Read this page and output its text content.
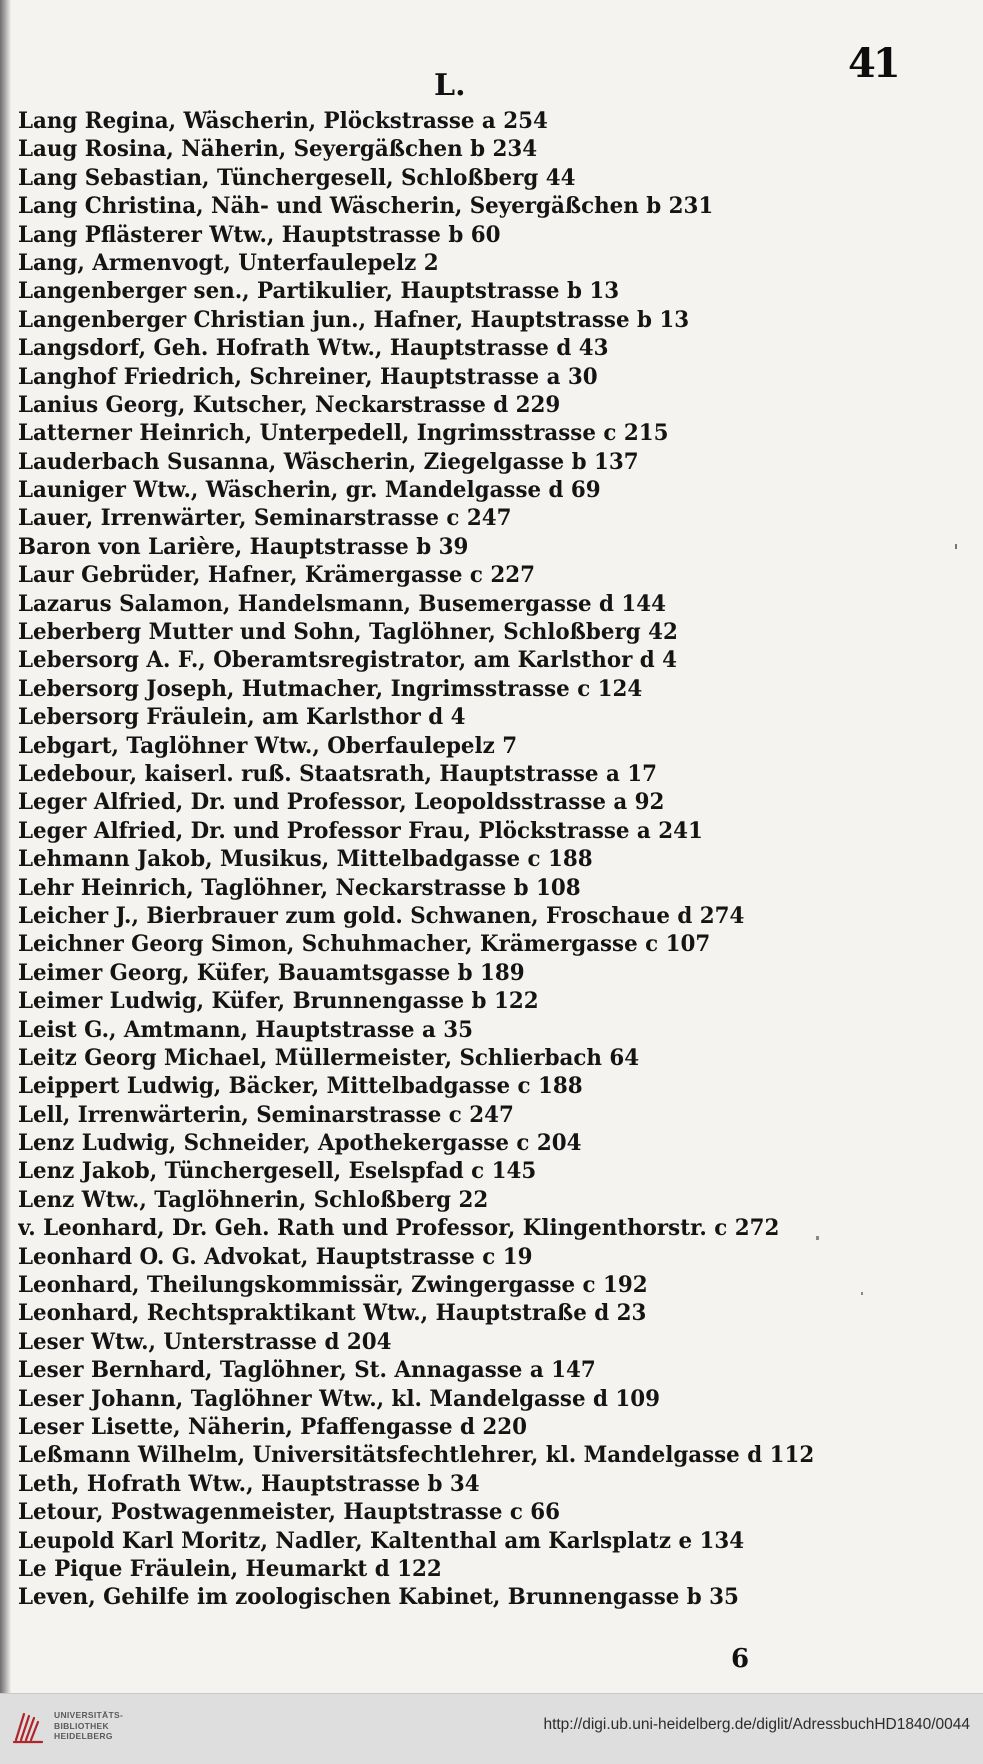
41
L.
Lang Regina, Wäscherin, Plöckstrasse a 254
Laug Rosina, Näherin, Seyergäßchen b 234
Lang Sebastian, Tünchergesell, Schloßberg 44
Lang Christina, Näh- und Wäscherin, Seyergäßchen b 231
Lang Pflästerer Wtw., Hauptstrasse b 60
Lang, Armenvogt, Unterfaulepelz 2
Langenberger sen., Partikulier, Hauptstrasse b 13
Langenberger Christian jun., Hafner, Hauptstrasse b 13
Langsdorf, Geh. Hofrath Wtw., Hauptstrasse d 43
Langhof Friedrich, Schreiner, Hauptstrasse a 30
Lanius Georg, Kutscher, Neckarstrasse d 229
Latterner Heinrich, Unterpedell, Ingrimsstrasse c 215
Lauderbach Susanna, Wäscherin, Ziegelgasse b 137
Launiger Wtw., Wäscherin, gr. Mandelgasse d 69
Lauer, Irrenwärter, Seminarstrasse c 247
Baron von Larière, Hauptstrasse b 39
Laur Gebrüder, Hafner, Krämergasse c 227
Lazarus Salamon, Handelsmann, Busemergasse d 144
Leberberg Mutter und Sohn, Taglöhner, Schloßberg 42
Lebersorg A. F., Oberamtsregistrator, am Karlsthor d 4
Lebersorg Joseph, Hutmacher, Ingrimsstrasse c 124
Lebersorg Fräulein, am Karlsthor d 4
Lebgart, Taglöhner Wtw., Oberfaulepelz 7
Ledebour, kaiserl. ruß. Staatsrath, Hauptstrasse a 17
Leger Alfried, Dr. und Professor, Leopoldsstrasse a 92
Leger Alfried, Dr. und Professor Frau, Plöckstrasse a 241
Lehmann Jakob, Musikus, Mittelbadgasse c 188
Lehr Heinrich, Taglöhner, Neckarstrasse b 108
Leicher J., Bierbrauer zum gold. Schwanen, Froschaue d 274
Leichner Georg Simon, Schuhmacher, Krämergasse c 107
Leimer Georg, Küfer, Bauamtsgasse b 189
Leimer Ludwig, Küfer, Brunnengasse b 122
Leist G., Amtmann, Hauptstrasse a 35
Leitz Georg Michael, Müllermeister, Schlierbach 64
Leippert Ludwig, Bäcker, Mittelbadgasse c 188
Lell, Irrenwärterin, Seminarstrasse c 247
Lenz Ludwig, Schneider, Apothekergasse c 204
Lenz Jakob, Tünchergesell, Eselspfad c 145
Lenz Wtw., Taglöhnerin, Schloßberg 22
v. Leonhard, Dr. Geh. Rath und Professor, Klingenthorstr. c 272
Leonhard O. G. Advokat, Hauptstrasse c 19
Leonhard, Theilungskommissär, Zwingergasse c 192
Leonhard, Rechtspraktikant Wtw., Hauptstraße d 23
Leser Wtw., Unterstrasse d 204
Leser Bernhard, Taglöhner, St. Annagasse a 147
Leser Johann, Taglöhner Wtw., kl. Mandelgasse d 109
Leser Lisette, Näherin, Pfaffengasse d 220
Leßmann Wilhelm, Universitätsfechtlehrer, kl. Mandelgasse d 112
Leth, Hofrath Wtw., Hauptstrasse b 34
Letour, Postwagenmeister, Hauptstrasse c 66
Leupold Karl Moritz, Nadler, Kaltenthal am Karlsplatz e 134
Le Pique Fräulein, Heumarkt d 122
Leven, Gehilfe im zoologischen Kabinet, Brunnengasse b 35
6
UNIVERSITÄTS-
BIBLIOTHEK
HEIDELBERG
http://digi.ub.uni-heidelberg.de/diglit/AdressbuchHD1840/0044
